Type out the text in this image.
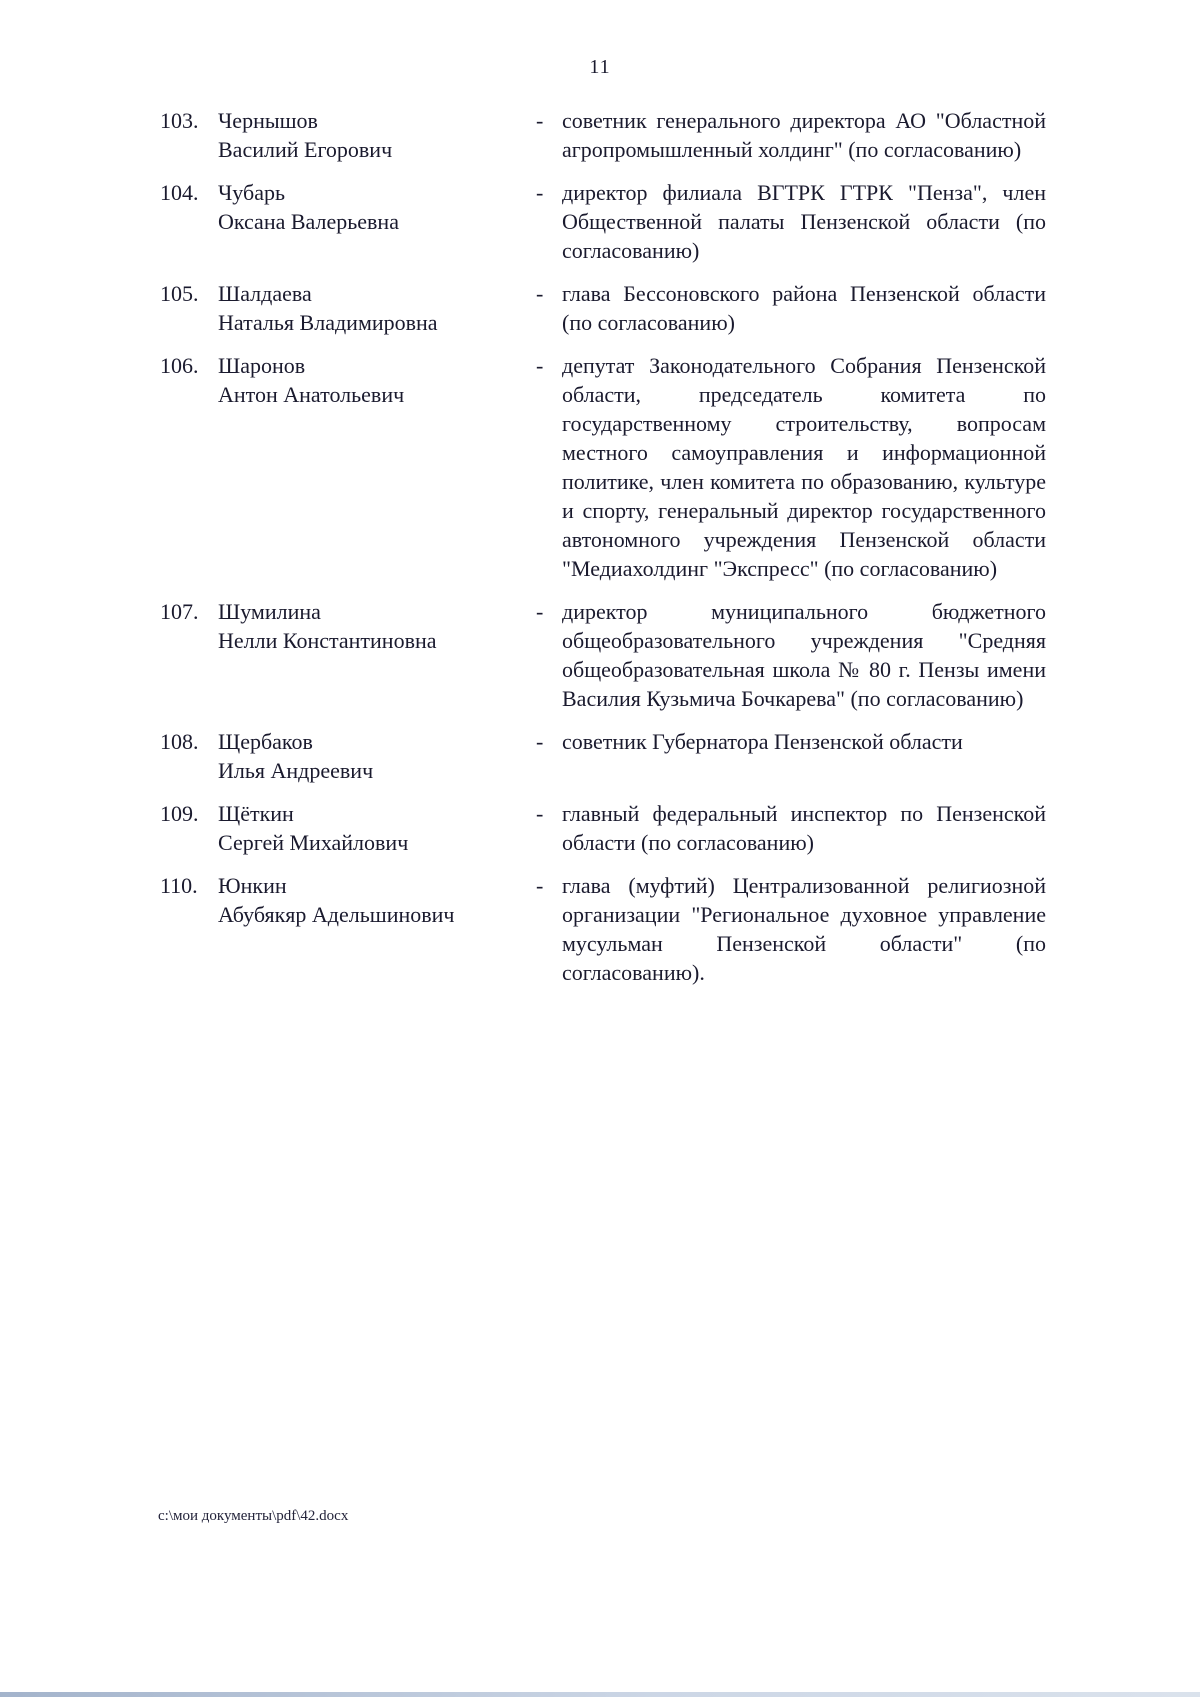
11
103. Чернышов
Василий Егорович
- советник генерального директора АО "Областной агропромышленный холдинг" (по согласованию)
104. Чубарь
Оксана Валерьевна
- директор филиала ВГТРК ГТРК "Пенза", член Общественной палаты Пензенской области (по согласованию)
105. Шалдаева
Наталья Владимировна
- глава Бессоновского района Пензенской области (по согласованию)
106. Шаронов
Антон Анатольевич
- депутат Законодательного Собрания Пензенской области, председатель комитета по государственному строительству, вопросам местного самоуправления и информационной политике, член комитета по образованию, культуре и спорту, генеральный директор государственного автономного учреждения Пензенской области "Медиахолдинг "Экспресс" (по согласованию)
107. Шумилина
Нелли Константиновна
- директор муниципального бюджетного общеобразовательного учреждения "Средняя общеобразовательная школа № 80 г. Пензы имени Василия Кузьмича Бочкарева" (по согласованию)
108. Щербаков
Илья Андреевич
- советник Губернатора Пензенской области
109. Щёткин
Сергей Михайлович
- главный федеральный инспектор по Пензенской области (по согласованию)
110. Юнкин
Абубякяр Адельшинович
- глава (муфтий) Централизованной религиозной организации "Региональное духовное управление мусульман Пензенской области" (по согласованию).
с:\мои документы\pdf\42.docx
